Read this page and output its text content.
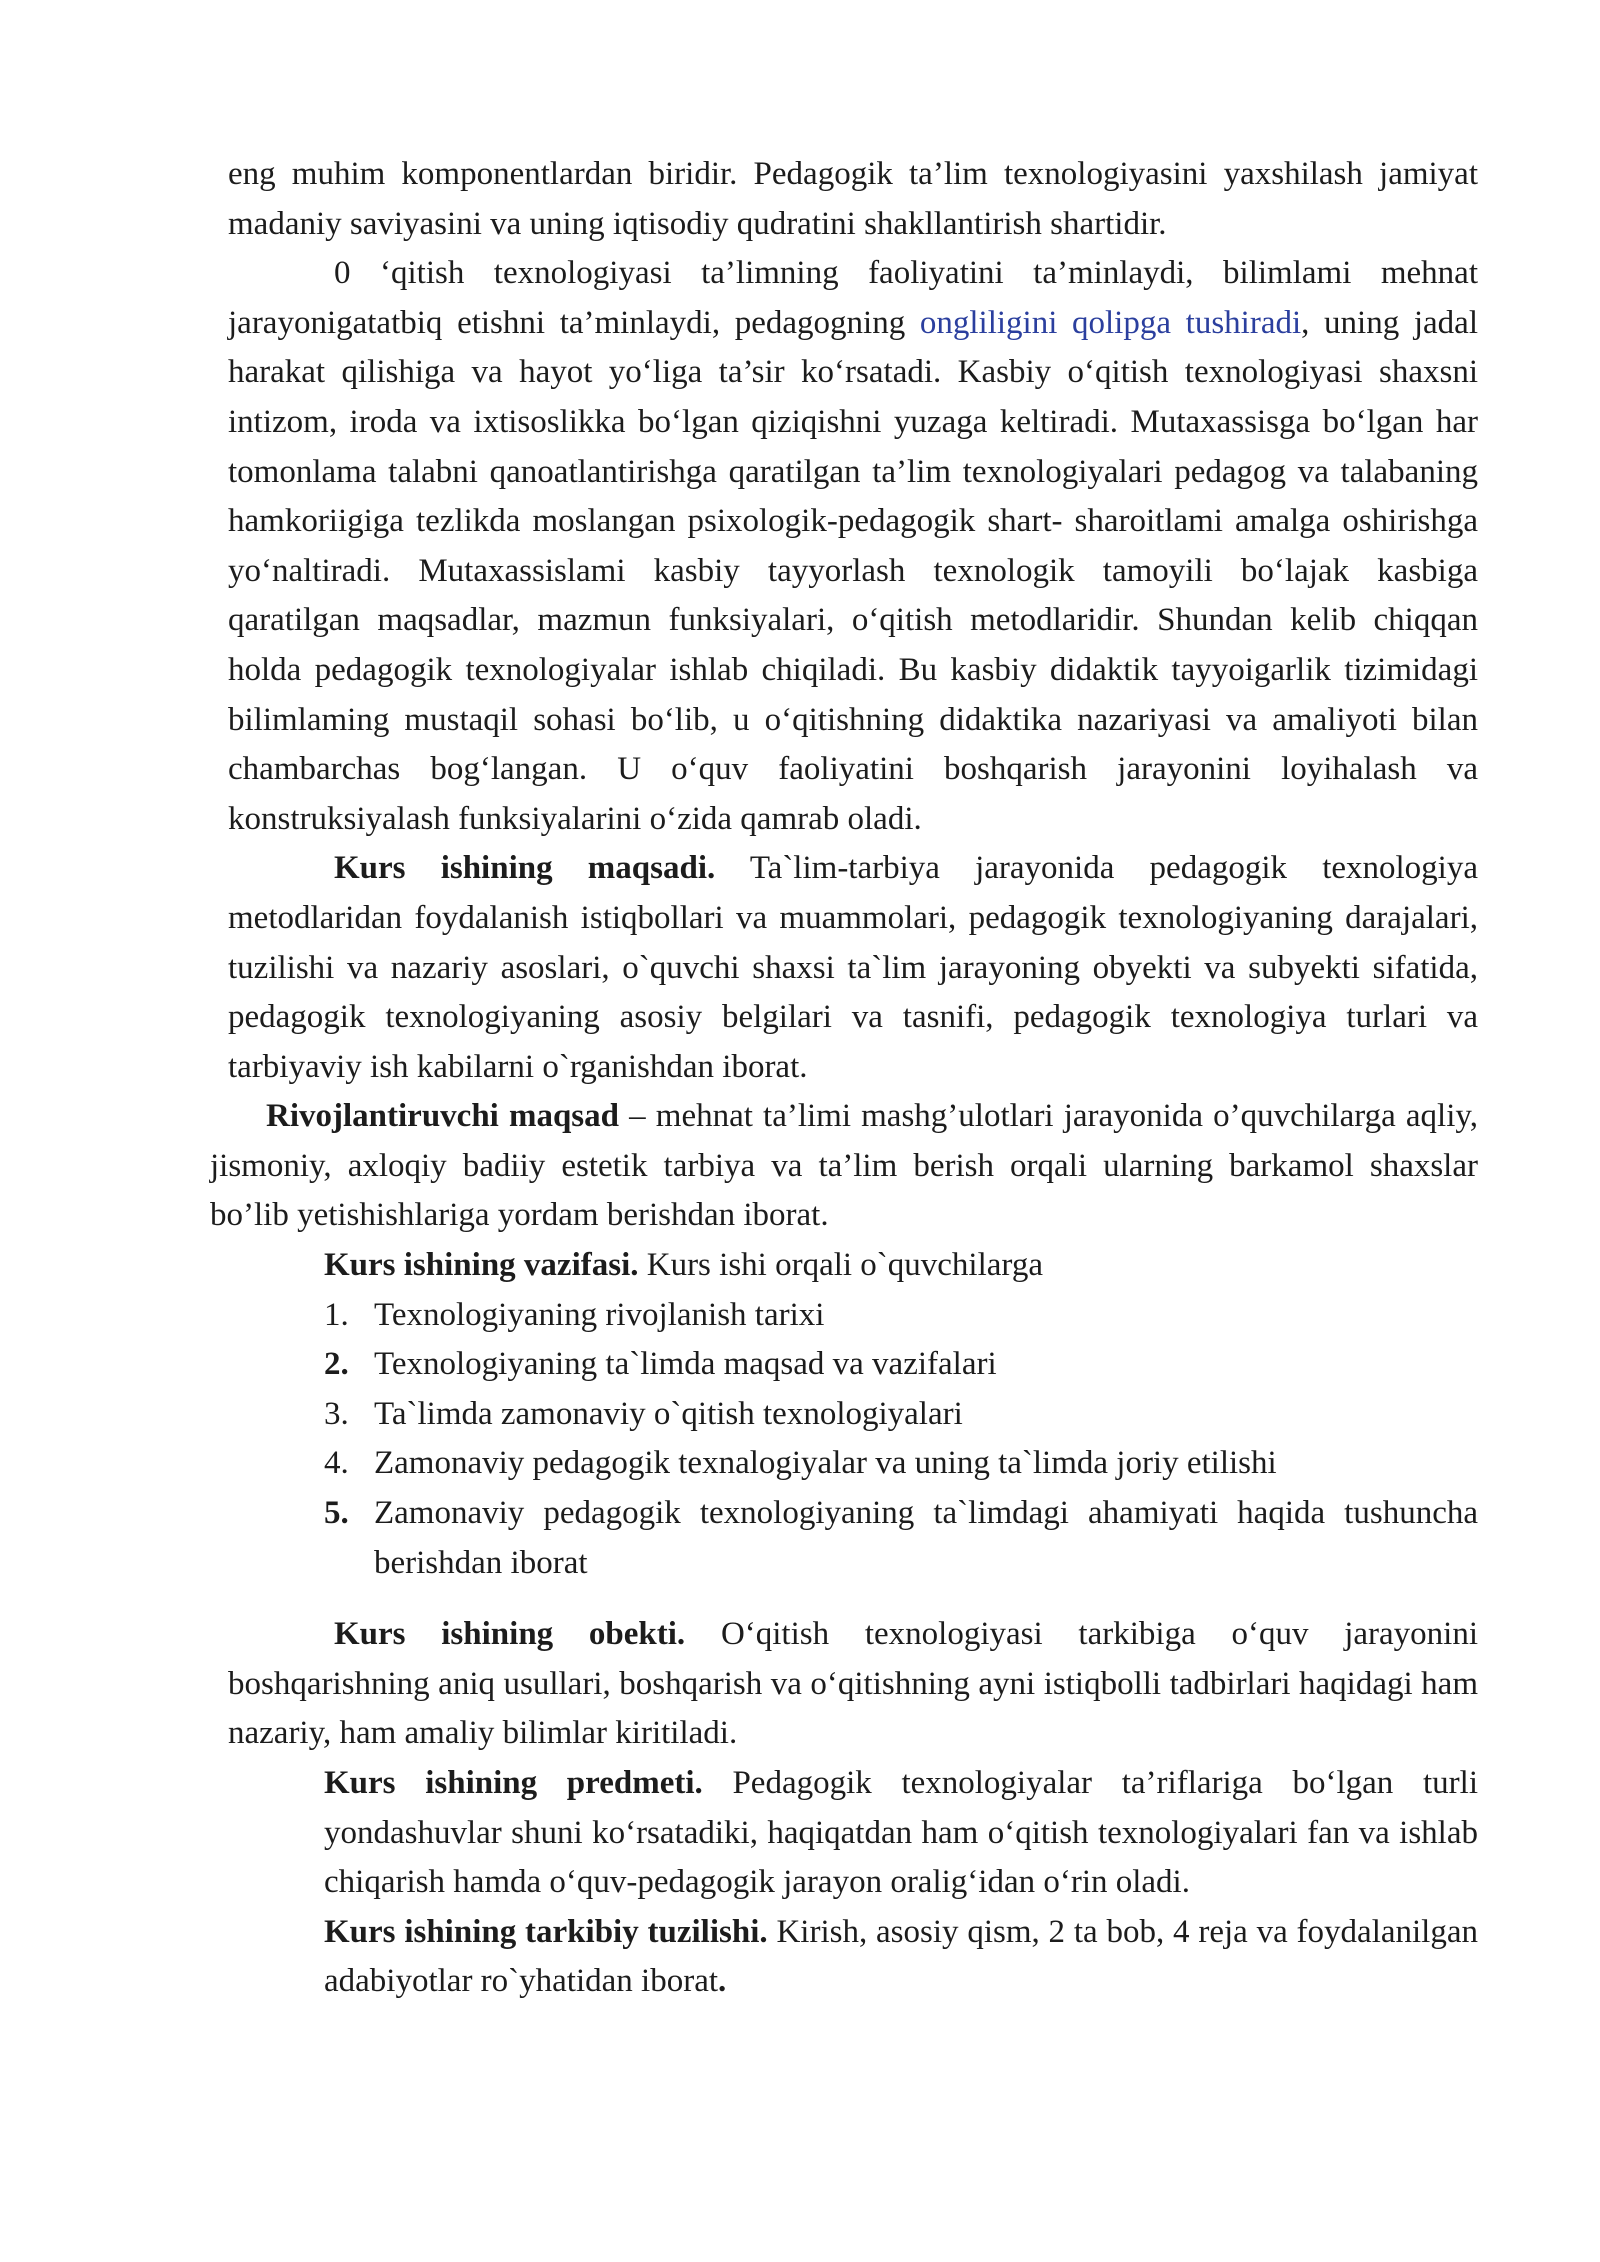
eng muhim komponentlardan biridir. Pedagogik ta’lim texnologiyasini yaxshilash jamiyat madaniy saviyasini va uning iqtisodiy qudratini shakllantirish shartidir.

0 ‘qitish texnologiyasi ta’limning faoliyatini ta’minlaydi, bilimlami mehnat jarayonigatatbiq etishni ta’minlaydi, pedagogning ongliligini qolipga tushiradi, uning jadal harakat qilishiga va hayot yo‘liga ta’sir ko‘rsatadi. Kasbiy o‘qitish texnologiyasi shaxsni intizom, iroda va ixtisoslikka bo‘lgan qiziqishni yuzaga keltiradi. Mutaxassisga bo‘lgan har tomonlama talabni qanoatlantirishga qaratilgan ta’lim texnologiyalari pedagog va talabaning hamkoriigiga tezlikda moslangan psixologik-pedagogik shart- sharoitlami amalga oshirishga yo‘naltiradi. Mutaxassislami kasbiy tayyorlash texnologik tamoyili bo‘lajak kasbiga qaratilgan maqsadlar, mazmun funksiyalari, o‘qitish metodlaridir. Shundan kelib chiqqan holda pedagogik texnologiyalar ishlab chiqiladi. Bu kasbiy didaktik tayyoigarlik tizimidagi bilimlaming mustaqil sohasi bo‘lib, u o‘qitishning didaktika nazariyasi va amaliyoti bilan chambarchas bog‘langan. U o‘quv faoliyatini boshqarish jarayonini loyihalash va konstruksiyalash funksiyalarini o‘zida qamrab oladi.

Kurs ishining maqsadi. Ta`lim-tarbiya jarayonida pedagogik texnologiya metodlaridan foydalanish istiqbollari va muammolari, pedagogik texnologiyaning darajalari, tuzilishi va nazariy asoslari, o`quvchi shaxsi ta`lim jarayoning obyekti va subyekti sifatida, pedagogik texnologiyaning asosiy belgilari va tasnifi, pedagogik texnologiya turlari va tarbiyaviy ish kabilarni o`rganishdan iborat.

Rivojlantiruvchi maqsad – mehnat ta’limi mashg’ulotlari jarayonida o’quvchilarga aqliy, jismoniy, axloqiy badiiy estetik tarbiya va ta’lim berish orqali ularning barkamol shaxslar bo’lib yetishishlariga yordam berishdan iborat.

Kurs ishining vazifasi. Kurs ishi orqali o`quvchilarga

1. Texnologiyaning rivojlanish tarixi
2. Texnologiyaning ta`limda maqsad va vazifalari
3. Ta`limda zamonaviy o`qitish texnologiyalari
4. Zamonaviy pedagogik texnalogiyalar va uning ta`limda joriy etilishi
5. Zamonaviy pedagogik texnologiyaning ta`limdagi ahamiyati haqida tushuncha berishdan iborat

Kurs ishining obekti. O‘qitish texnologiyasi tarkibiga o‘quv jarayonini boshqarishning aniq usullari, boshqarish va o‘qitishning ayni istiqbolli tadbirlari haqidagi ham nazariy, ham amaliy bilimlar kiritiladi.

Kurs ishining predmeti. Pedagogik texnologiyalar ta’riflariga bo‘lgan turli yondashuvlar shuni ko‘rsatadiki, haqiqatdan ham o‘qitish texnologiyalari fan va ishlab chiqarish hamda o‘quv-pedagogik jarayon oralig‘idan o‘rin oladi.

Kurs ishining tarkibiy tuzilishi. Kirish, asosiy qism, 2 ta bob, 4 reja va foydalanilgan adabiyotlar ro`yhatidan iborat.
